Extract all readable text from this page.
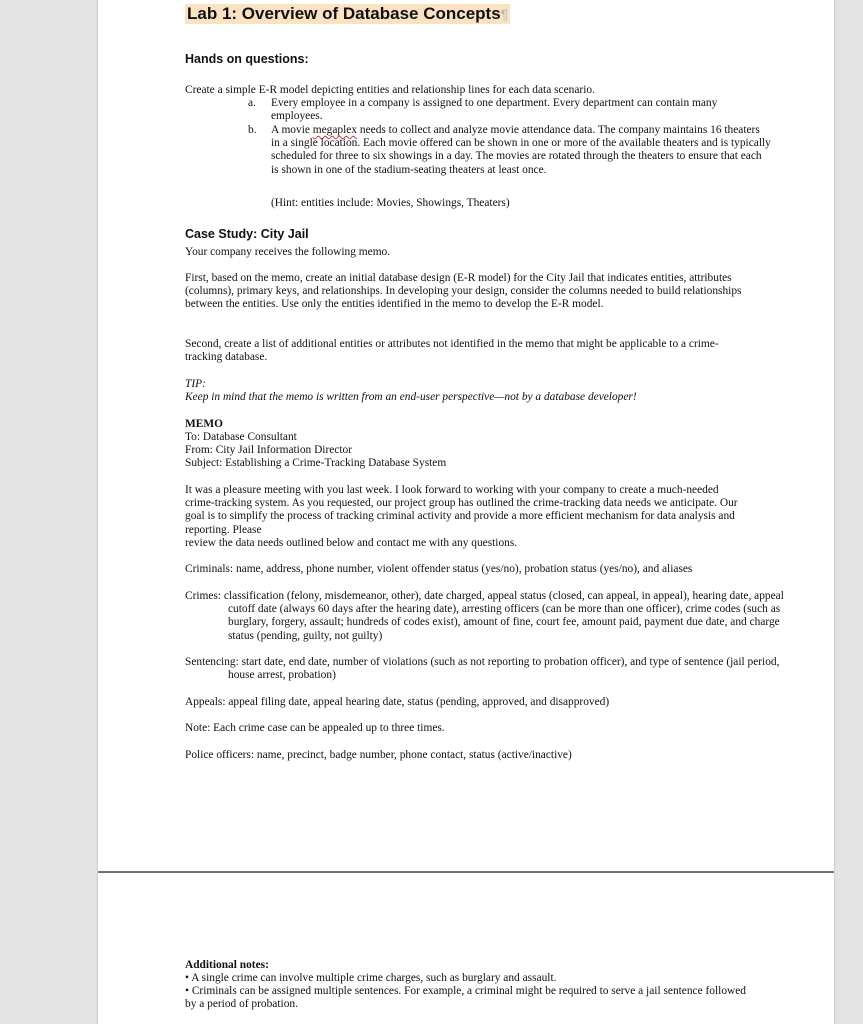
Lab 1: Overview of Database Concepts¶
Hands on questions:
Create a simple E-R model depicting entities and relationship lines for each data scenario.
a. Every employee in a company is assigned to one department. Every department can contain many employees.
b. A movie megaplex needs to collect and analyze movie attendance data. The company maintains 16 theaters in a single location. Each movie offered can be shown in one or more of the available theaters and is typically scheduled for three to six showings in a day. The movies are rotated through the theaters to ensure that each is shown in one of the stadium-seating theaters at least once.
(Hint: entities include: Movies, Showings, Theaters)
Case Study: City Jail
Your company receives the following memo.
First, based on the memo, create an initial database design (E-R model) for the City Jail that indicates entities, attributes (columns), primary keys, and relationships. In developing your design, consider the columns needed to build relationships between the entities. Use only the entities identified in the memo to develop the E-R model.
Second, create a list of additional entities or attributes not identified in the memo that might be applicable to a crime-tracking database.
TIP:
Keep in mind that the memo is written from an end-user perspective—not by a database developer!
MEMO
To: Database Consultant
From: City Jail Information Director
Subject: Establishing a Crime-Tracking Database System
It was a pleasure meeting with you last week. I look forward to working with your company to create a much-needed crime-tracking system. As you requested, our project group has outlined the crime-tracking data needs we anticipate. Our goal is to simplify the process of tracking criminal activity and provide a more efficient mechanism for data analysis and reporting. Please
review the data needs outlined below and contact me with any questions.
Criminals: name, address, phone number, violent offender status (yes/no), probation status (yes/no), and aliases
Crimes: classification (felony, misdemeanor, other), date charged, appeal status (closed, can appeal, in appeal), hearing date, appeal cutoff date (always 60 days after the hearing date), arresting officers (can be more than one officer), crime codes (such as burglary, forgery, assault; hundreds of codes exist), amount of fine, court fee, amount paid, payment due date, and charge status (pending, guilty, not guilty)
Sentencing: start date, end date, number of violations (such as not reporting to probation officer), and type of sentence (jail period, house arrest, probation)
Appeals: appeal filing date, appeal hearing date, status (pending, approved, and disapproved)
Note: Each crime case can be appealed up to three times.
Police officers: name, precinct, badge number, phone contact, status (active/inactive)
Additional notes:
• A single crime can involve multiple crime charges, such as burglary and assault.
• Criminals can be assigned multiple sentences. For example, a criminal might be required to serve a jail sentence followed by a period of probation.
